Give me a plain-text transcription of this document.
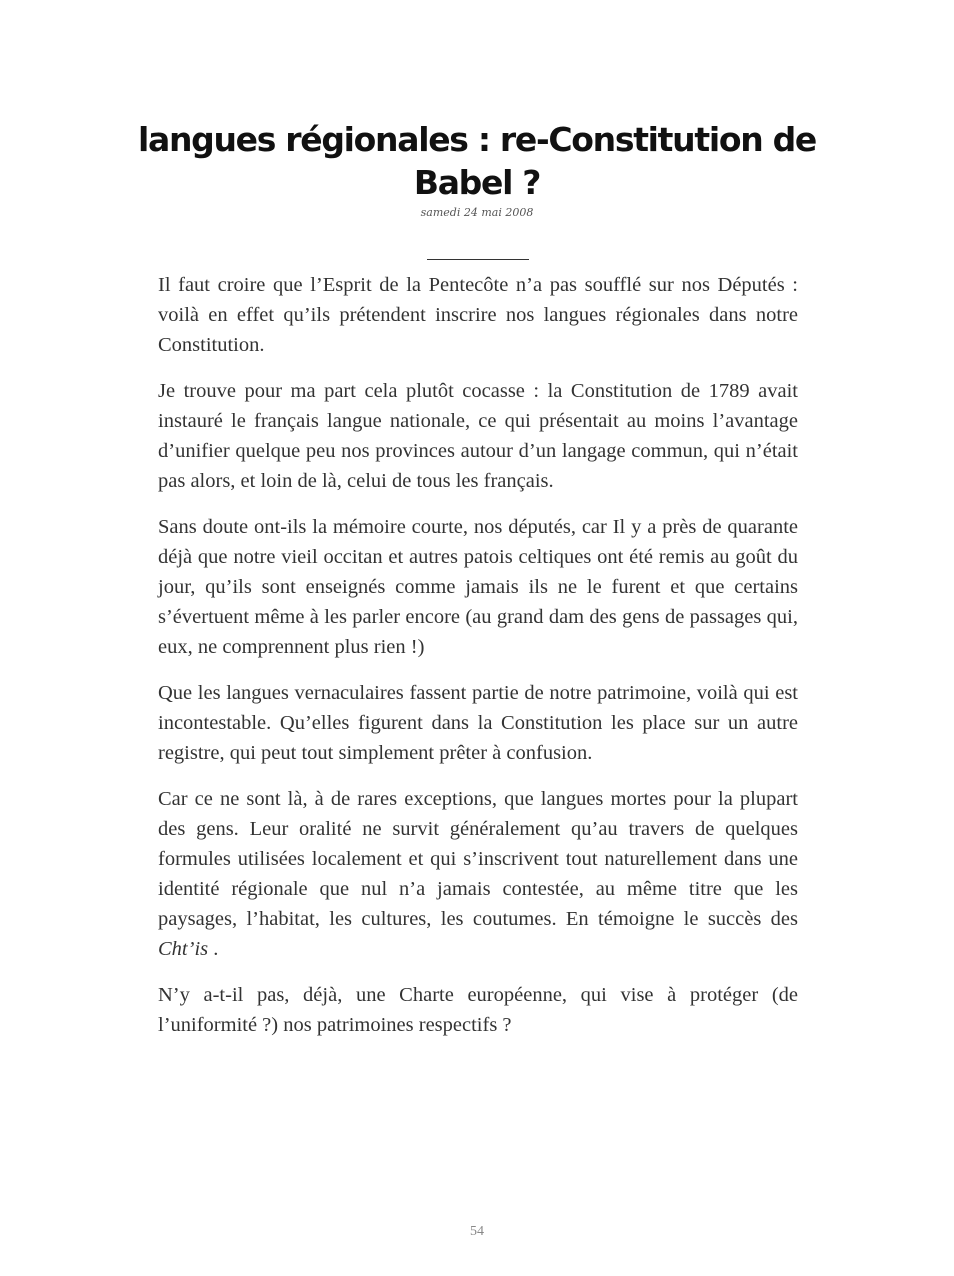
langues régionales : re-Constitution de
Babel ?
samedi 24 mai 2008

Il faut croire que l’Esprit de la Pentecôte n’a pas soufflé sur nos Députés : voilà en effet qu’ils prétendent inscrire nos langues régionales dans notre Constitution.

Je trouve pour ma part cela plutôt cocasse : la Constitution de 1789 avait instauré le français langue nationale, ce qui présentait au moins l’avantage d’unifier quelque peu nos provinces autour d’un langage commun, qui n’était pas alors, et loin de là, celui de tous les français.

Sans doute ont-ils la mémoire courte, nos députés, car Il y a près de quarante déjà que notre vieil occitan et autres patois celtiques ont été remis au goût du jour, qu’ils sont enseignés comme jamais ils ne le furent et que certains s’évertuent même à les parler encore (au grand dam des gens de passages qui, eux, ne comprennent plus rien !)

Que les langues vernaculaires fassent partie de notre patrimoine, voilà qui est incontestable. Qu’elles figurent dans la Constitution les place sur un autre registre, qui peut tout simplement prêter à confusion.

Car ce ne sont là, à de rares exceptions, que langues mortes pour la plupart des gens. Leur oralité ne survit généralement qu’au travers de quelques formules utilisées localement et qui s’inscrivent tout naturellement dans une identité régionale que nul n’a jamais contestée, au même titre que les paysages, l’habitat, les cultures, les coutumes. En témoigne le succès des Cht’is .

N’y a-t-il pas, déjà, une Charte européenne, qui vise à protéger (de l’uniformité ?) nos patrimoines respectifs ?

54
